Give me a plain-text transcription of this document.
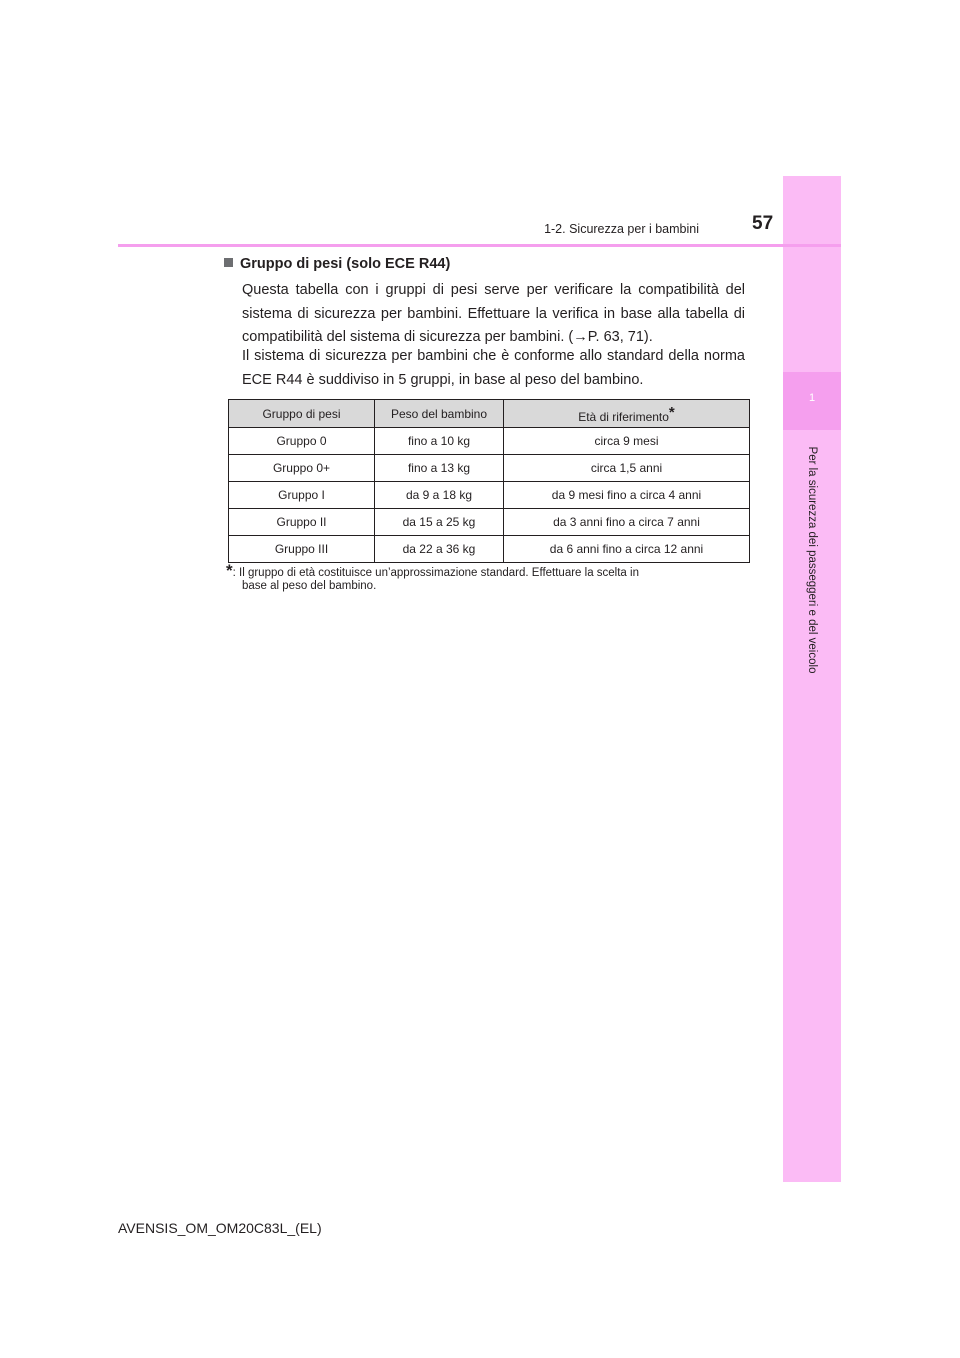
1
Per la sicurezza dei passeggeri e del veicolo
1-2. Sicurezza per i bambini	57
Gruppo di pesi (solo ECE R44)
Questa tabella con i gruppi di pesi serve per verificare la compatibilità del sistema di sicurezza per bambini. Effettuare la verifica in base alla tabella di compatibilità del sistema di sicurezza per bambini. (→P. 63, 71).
Il sistema di sicurezza per bambini che è conforme allo standard della norma ECE R44 è suddiviso in 5 gruppi, in base al peso del bambino.
Gruppo di pesi	Peso del bambino	Età di riferimento*
Gruppo 0	fino a 10 kg	circa 9 mesi
Gruppo 0+	fino a 13 kg	circa 1,5 anni
Gruppo I	da 9 a 18 kg	da 9 mesi fino a circa 4 anni
Gruppo II	da 15 a 25 kg	da 3 anni fino a circa 7 anni
Gruppo III	da 22 a 36 kg	da 6 anni fino a circa 12 anni
*: Il gruppo di età costituisce un’approssimazione standard. Effettuare la scelta in
base al peso del bambino.
AVENSIS_OM_OM20C83L_(EL)
